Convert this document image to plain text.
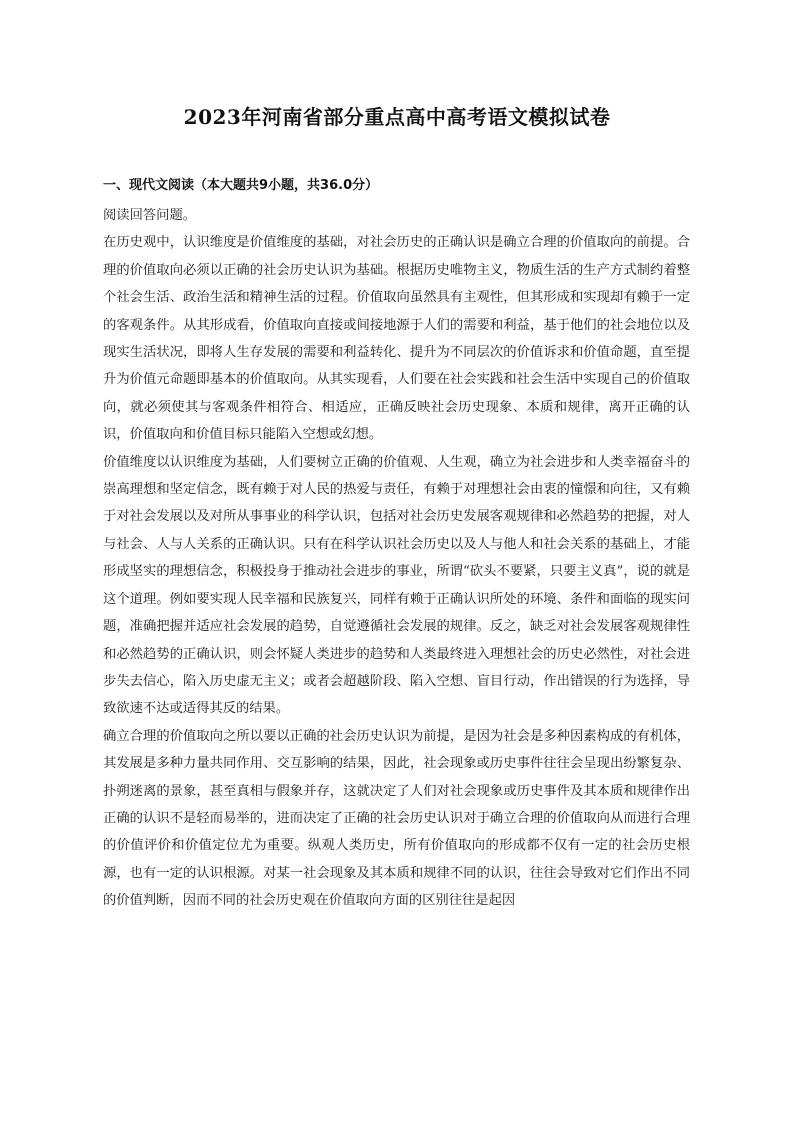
2023年河南省部分重点高中高考语文模拟试卷

一、现代文阅读（本大题共9小题，共36.0分）

阅读回答问题。

在历史观中，认识维度是价值维度的基础，对社会历史的正确认识是确立合理的价值取向的前提。合理的价值取向必须以正确的社会历史认识为基础。根据历史唯物主义，物质生活的生产方式制约着整个社会生活、政治生活和精神生活的过程。价值取向虽然具有主观性，但其形成和实现却有赖于一定的客观条件。从其形成看，价值取向直接或间接地源于人们的需要和利益，基于他们的社会地位以及现实生活状况，即将人生存发展的需要和利益转化、提升为不同层次的价值诉求和价值命题，直至提升为价值元命题即基本的价值取向。从其实现看，人们要在社会实践和社会生活中实现自己的价值取向，就必须使其与客观条件相符合、相适应，正确反映社会历史现象、本质和规律，离开正确的认识，价值取向和价值目标只能陷入空想或幻想。

价值维度以认识维度为基础，人们要树立正确的价值观、人生观，确立为社会进步和人类幸福奋斗的崇高理想和坚定信念，既有赖于对人民的热爱与责任，有赖于对理想社会由衷的憧憬和向往，又有赖于对社会发展以及对所从事事业的科学认识，包括对社会历史发展客观规律和必然趋势的把握，对人与社会、人与人关系的正确认识。只有在科学认识社会历史以及人与他人和社会关系的基础上，才能形成坚实的理想信念，积极投身于推动社会进步的事业，所谓“砍头不要紧，只要主义真”，说的就是这个道理。例如要实现人民幸福和民族复兴，同样有赖于正确认识所处的环境、条件和面临的现实问题，准确把握并适应社会发展的趋势，自觉遵循社会发展的规律。反之，缺乏对社会发展客观规律性和必然趋势的正确认识，则会怀疑人类进步的趋势和人类最终进入理想社会的历史必然性，对社会进步失去信心，陷入历史虚无主义；或者会超越阶段、陷入空想、盲目行动，作出错误的行为选择，导致欲速不达或适得其反的结果。

确立合理的价值取向之所以要以正确的社会历史认识为前提，是因为社会是多种因素构成的有机体，其发展是多种力量共同作用、交互影响的结果，因此，社会现象或历史事件往往会呈现出纷繁复杂、扑朔迷离的景象，甚至真相与假象并存，这就决定了人们对社会现象或历史事件及其本质和规律作出正确的认识不是轻而易举的，进而决定了正确的社会历史认识对于确立合理的价值取向从而进行合理的价值评价和价值定位尤为重要。纵观人类历史，所有价值取向的形成都不仅有一定的社会历史根源，也有一定的认识根源。对某一社会现象及其本质和规律不同的认识，往往会导致对它们作出不同的价值判断，因而不同的社会历史观在价值取向方面的区别往往是起因
